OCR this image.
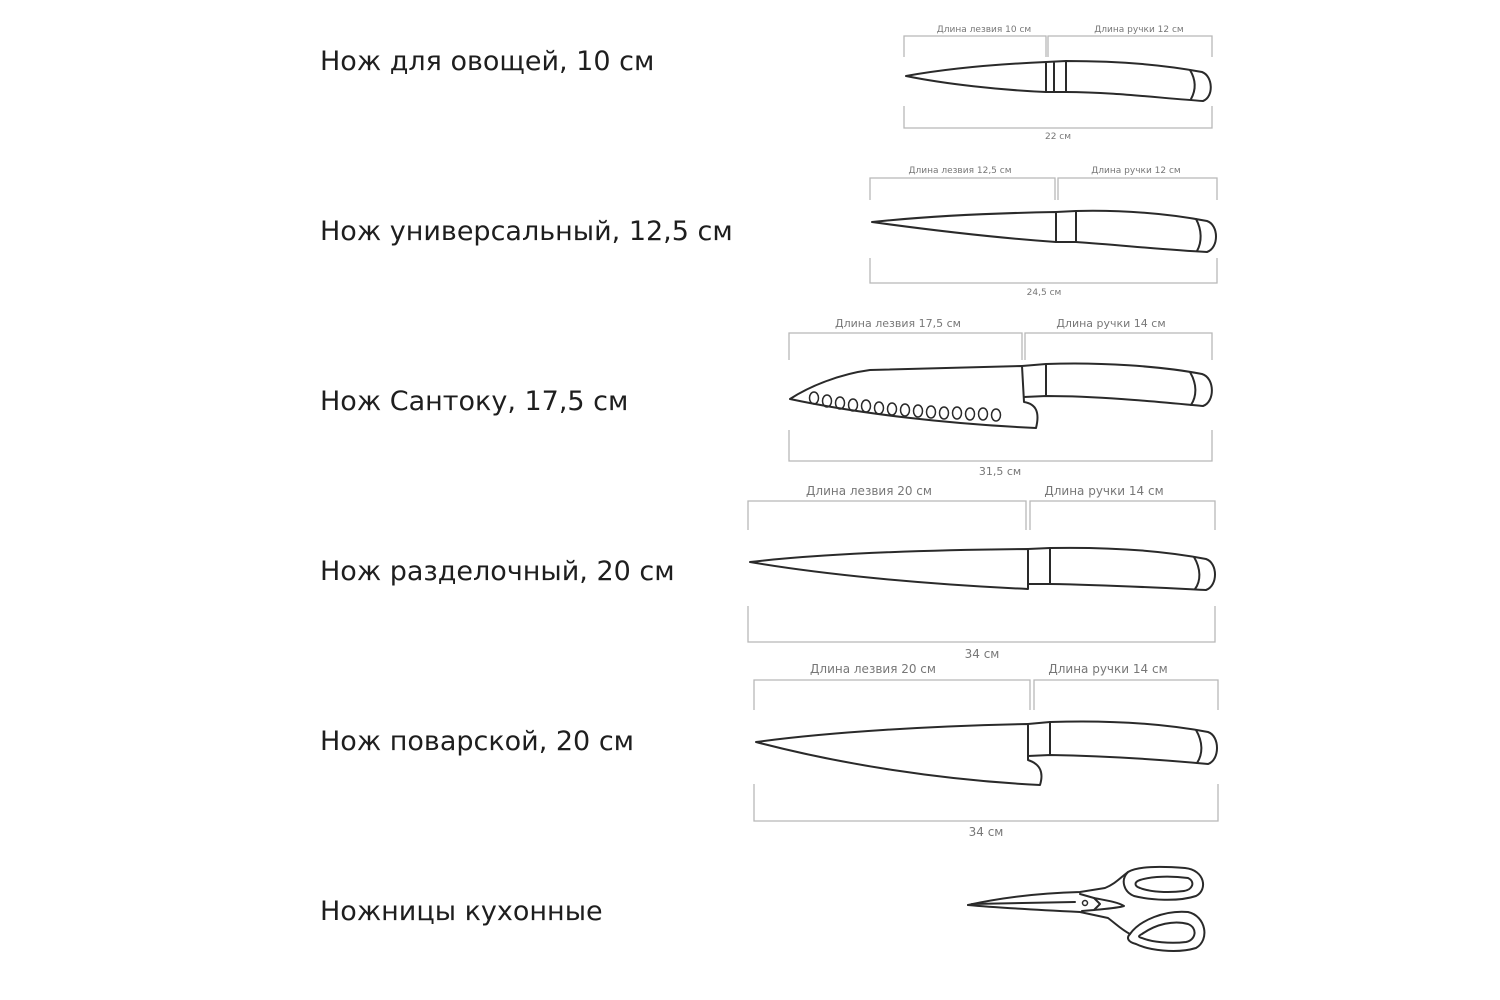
Нож для овощей, 10 см
Нож универсальный, 12,5 см
Нож Сантоку, 17,5 см
Нож разделочный, 20 см
Нож поварской, 20 см
Ножницы кухонные
Длина лезвия 10 см	Длина ручки 12 см
22 см
Длина лезвия 12,5 см	Длина ручки 12 см
24,5 см
Длина лезвия 17,5 см	Длина ручки 14 см
31,5 см
Длина лезвия 20 см	Длина ручки 14 см
34 см
Длина лезвия 20 см	Длина ручки 14 см
34 см
